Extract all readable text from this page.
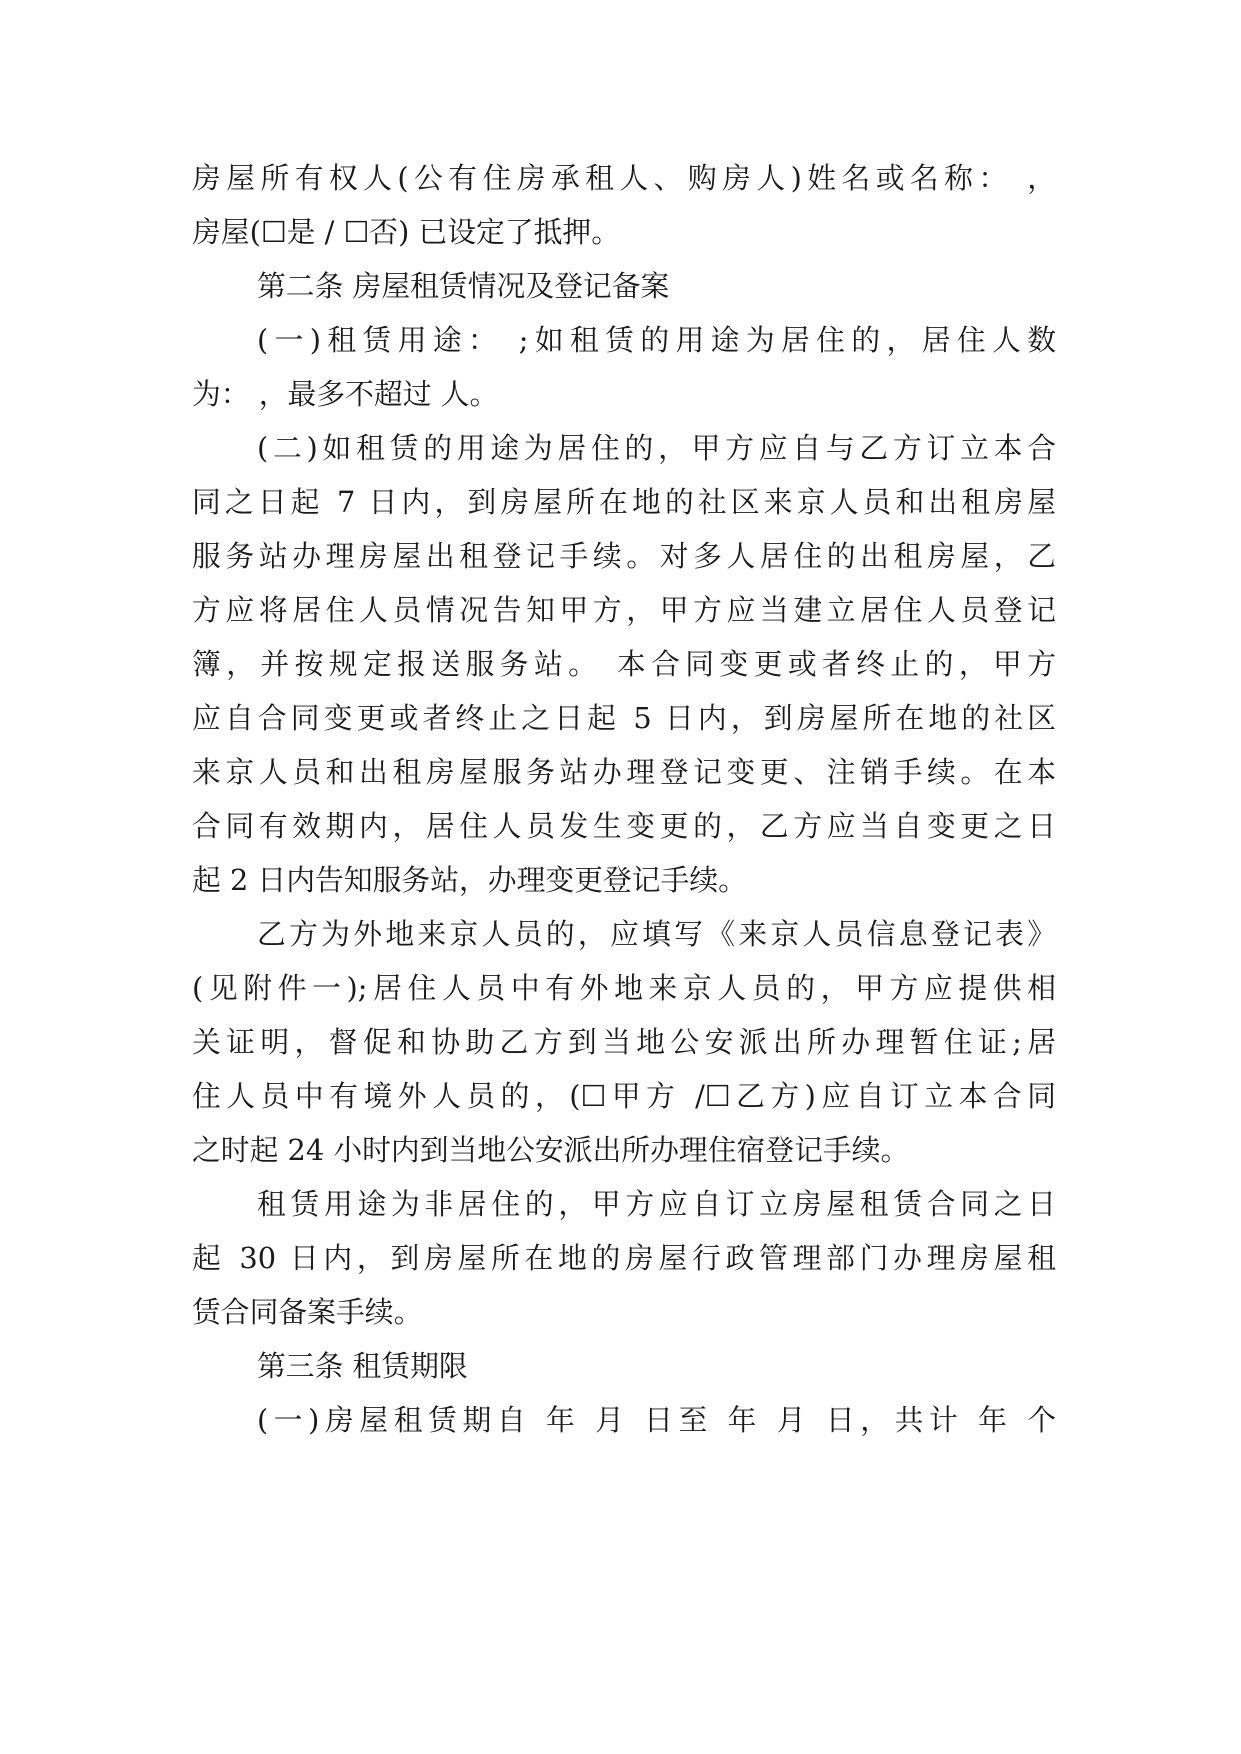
房屋所有权人(公有住房承租人、购房人)姓名或名称： ，
房屋(☐是 / ☐否) 已设定了抵押。
第二条 房屋租赁情况及登记备案
(一)租赁用途： ;如租赁的用途为居住的，居住人数
为： ，最多不超过 人。
(二)如租赁的用途为居住的，甲方应自与乙方订立本合
同之日起 7 日内，到房屋所在地的社区来京人员和出租房屋
服务站办理房屋出租登记手续。对多人居住的出租房屋，乙
方应将居住人员情况告知甲方，甲方应当建立居住人员登记
簿，并按规定报送服务站。 本合同变更或者终止的，甲方
应自合同变更或者终止之日起 5 日内，到房屋所在地的社区
来京人员和出租房屋服务站办理登记变更、注销手续。在本
合同有效期内，居住人员发生变更的，乙方应当自变更之日
起 2 日内告知服务站，办理变更登记手续。
乙方为外地来京人员的，应填写《来京人员信息登记表》
(见附件一);居住人员中有外地来京人员的，甲方应提供相
关证明，督促和协助乙方到当地公安派出所办理暂住证;居
住人员中有境外人员的，(☐甲方 /☐乙方)应自订立本合同
之时起 24 小时内到当地公安派出所办理住宿登记手续。
租赁用途为非居住的，甲方应自订立房屋租赁合同之日
起 30 日内，到房屋所在地的房屋行政管理部门办理房屋租
赁合同备案手续。
第三条 租赁期限
(一)房屋租赁期自 年 月 日至 年 月 日，共计 年 个
